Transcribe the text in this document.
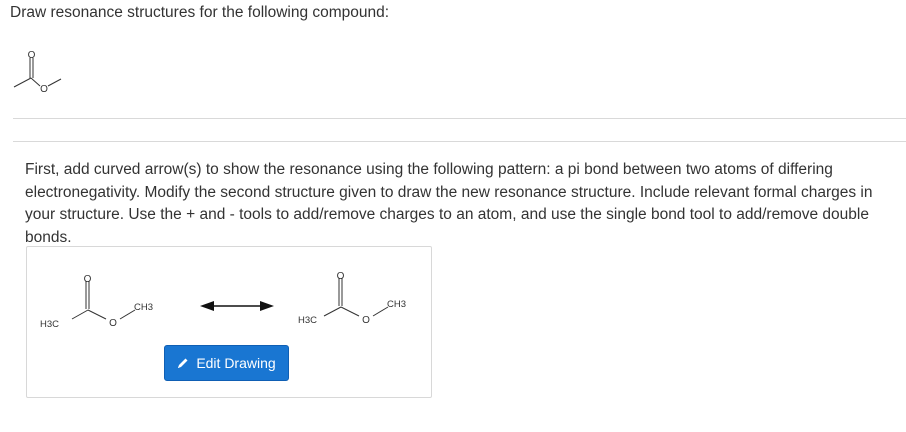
Draw resonance structures for the following compound:
O
O
First, add curved arrow(s) to show the resonance using the following pattern: a pi bond between two atoms of differing electronegativity. Modify the second structure given to draw the new resonance structure. Include relevant formal charges in your structure. Use the + and - tools to add/remove charges to an atom, and use the single bond tool to add/remove double bonds.
O
O
H3C
CH3
O
O
H3C
CH3
Edit Drawing
